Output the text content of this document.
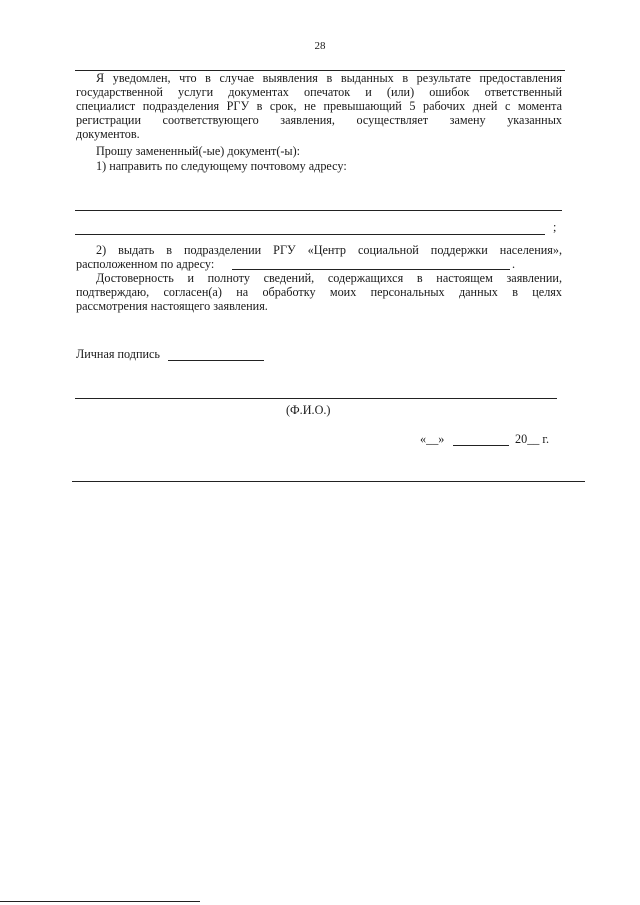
28
Я уведомлен, что в случае выявления в выданных в результате предоставления
государственной услуги документах опечаток и (или) ошибок ответственный
специалист подразделения РГУ в срок, не превышающий 5 рабочих дней с момента
регистрации соответствующего заявления, осуществляет замену указанных
документов.
Прошу замененный(-ые) документ(-ы):
1) направить по следующему почтовому адресу:
;
2) выдать в подразделении РГУ «Центр социальной поддержки населения»,
расположенном по адресу:	.
Достоверность и полноту сведений, содержащихся в настоящем заявлении,
подтверждаю, согласен(а) на обработку моих персональных данных в целях
рассмотрения настоящего заявления.
Личная подпись
(Ф.И.О.)
«__»	20__ г.
